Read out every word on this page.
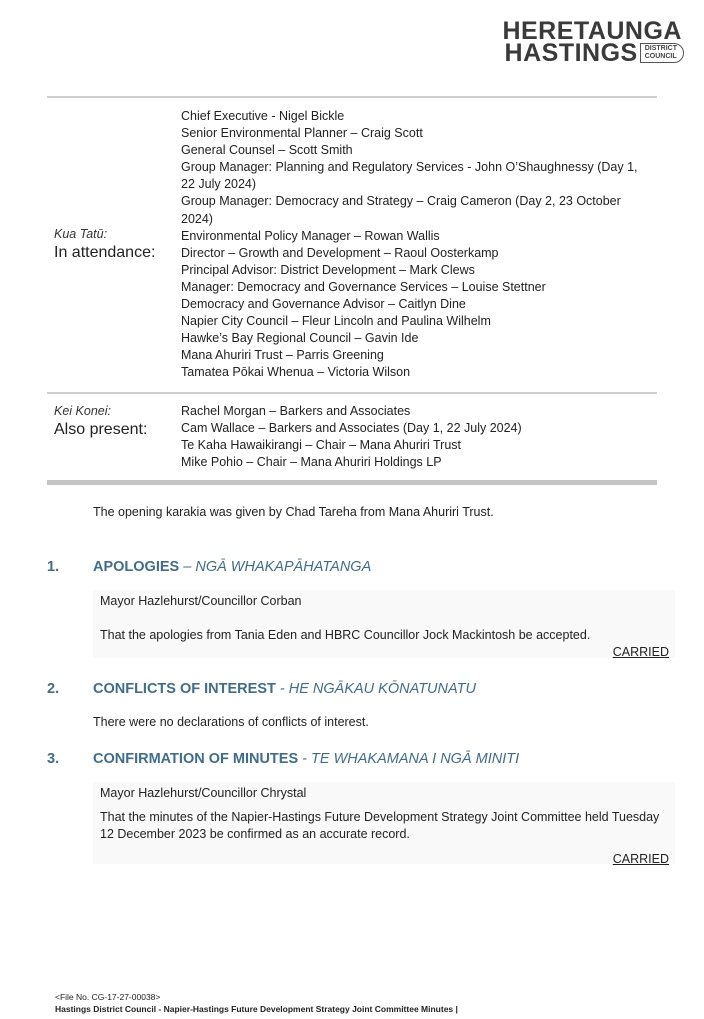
HERETAUNGA
HASTINGS	DISTRICT
COUNCIL
Kua Tatū:
In attendance:
Chief Executive - Nigel Bickle
Senior Environmental Planner – Craig Scott
General Counsel – Scott Smith
Group Manager: Planning and Regulatory Services - John O’Shaughnessy (Day 1, 22 July 2024)
Group Manager: Democracy and Strategy – Craig Cameron (Day 2, 23 October 2024)
Environmental Policy Manager – Rowan Wallis
Director – Growth and Development – Raoul Oosterkamp
Principal Advisor: District Development – Mark Clews
Manager: Democracy and Governance Services – Louise Stettner
Democracy and Governance Advisor – Caitlyn Dine
Napier City Council – Fleur Lincoln and Paulina Wilhelm
Hawke’s Bay Regional Council – Gavin Ide
Mana Ahuriri Trust – Parris Greening
Tamatea Pōkai Whenua – Victoria Wilson
Kei Konei:
Also present:
Rachel Morgan – Barkers and Associates
Cam Wallace – Barkers and Associates (Day 1, 22 July 2024)
Te Kaha Hawaikirangi – Chair – Mana Ahuriri Trust
Mike Pohio – Chair – Mana Ahuriri Holdings LP
The opening karakia was given by Chad Tareha from Mana Ahuriri Trust.
1. APOLOGIES – NGĀ WHAKAPĀHATANGA
Mayor Hazlehurst/Councillor Corban
That the apologies from Tania Eden and HBRC Councillor Jock Mackintosh be accepted.
CARRIED
2. CONFLICTS OF INTEREST - HE NGĀKAU KŌNATUNATU
There were no declarations of conflicts of interest.
3. CONFIRMATION OF MINUTES - TE WHAKAMANA I NGĀ MINITI
Mayor Hazlehurst/Councillor Chrystal
That the minutes of the Napier-Hastings Future Development Strategy Joint Committee held Tuesday 12 December 2023 be confirmed as an accurate record.
CARRIED
<File No. CG-17-27-00038>
Hastings District Council - Napier-Hastings Future Development Strategy Joint Committee Minutes |
